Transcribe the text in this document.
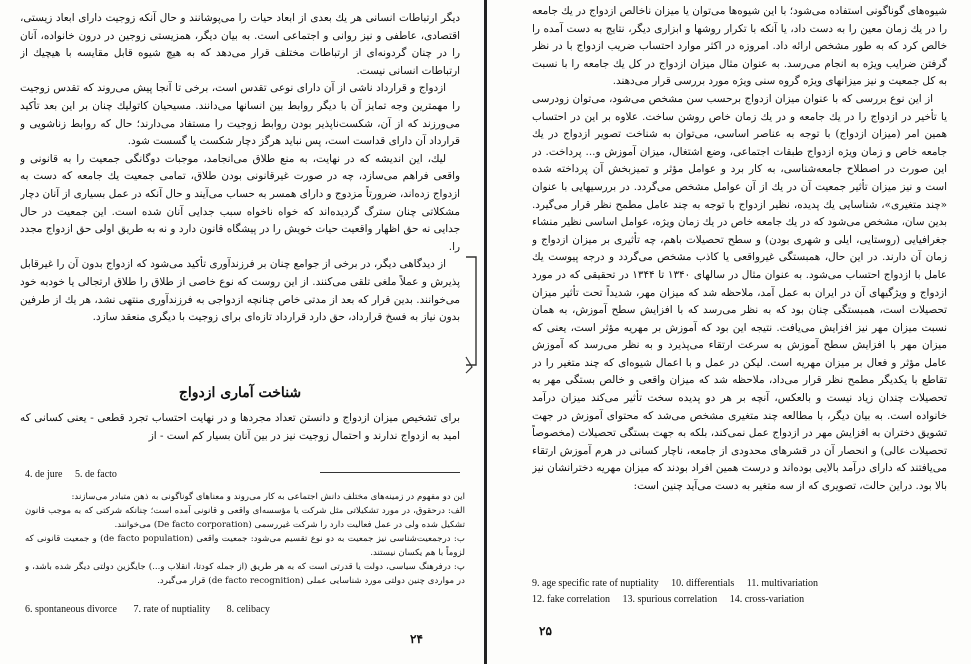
دیگر ارتباطات انسانی هر یك بعدی از ابعاد حیات را می‌پوشانند و حال آنكه زوجیت دارای ابعاد زیستی، اقتصادی، عاطفی و نیز روانی و اجتماعی است. به بیان دیگر، همزیستی زوجین در درون خانواده، آنان را در چنان گردونه‌ای از ارتباطات مختلف قرار می‌دهد كه به هیچ شیوه قابل مقایسه با هیچیك از ارتباطات انسانی نیست.

ازدواج و قرارداد ناشی از آن دارای نوعی تقدس است، برخی تا آنجا پیش می‌روند كه تقدس زوجیت را مهمترین وجه تمایز آن با دیگر روابط بین انسانها می‌دانند. مسیحیان كاتولیك چنان بر این بعد تأكید می‌ورزند كه از آن، شكست‌ناپذیر بودن روابط زوجیت را مستفاد می‌دارند؛ حال كه روابط زناشویی و قرارداد آن دارای قداست است، پس نباید هرگز دچار شكست یا گسست شود.

لیك، این اندیشه كه در نهایت، به منع طلاق می‌انجامد، موجبات دوگانگی جمعیت را به قانونی و واقعی فراهم می‌سازد، چه در صورت غیرقانونی بودن طلاق، تمامی جمعیت یك جامعه كه دست به ازدواج زده‌اند، ضرورتاً مزدوج و دارای همسر به حساب می‌آیند و حال آنكه در عمل بسیاری از آنان دچار مشكلاتی چنان سترگ گردیده‌اند كه خواه ناخواه سبب جدایی آنان شده است. این جمعیت در حال جدایی نه حق اظهار واقعیت حیات خویش را در پیشگاه قانون دارد و نه به طریق اولی حق ازدواج مجدد را.

از دیدگاهی دیگر، در برخی از جوامع چنان بر فرزندآوری تأكید می‌شود كه ازدواج بدون آن را غیرقابل پذیرش و عملاً ملغی تلقی می‌كنند. از این روست كه نوع خاصی از طلاق را طلاق ارتجالی یا خودبه خود می‌خوانند. بدین قرار كه بعد از مدتی خاص چنانچه ازدواجی به فرزندآوری منتهی نشد، هر یك از طرفین بدون نیاز به فسخ قرارداد، حق دارد قرارداد تازه‌ای برای زوجیت با دیگری منعقد سازد.

شناخت آماری ازدواج
برای تشخیص میزان ازدواج و دانستن تعداد مجردها و در نهایت احتساب تجرد قطعی - یعنی كسانی كه امید به ازدواج ندارند و احتمال زوجیت نیز در بین آنان بسیار كم است - از
4. de jure 5. de facto

این دو مفهوم در زمینه‌های مختلف دانش اجتماعی به كار می‌روند و معناهای گوناگونی به ذهن متبادر می‌سازند:

الف: درحقوق، در مورد تشکیلاتی مثل شرکت یا مؤسسه‌ای واقعی و قانونی آمده است؛ چنانكه شركتی كه به موجب قانون تشکیل شده ولی در عمل فعالیت دارد را شرکت غیررسمی (De facto corporation) می‌خوانند.

ب: درجمعیت‌شناسی نیز جمعیت به دو نوع تقسیم می‌شود: جمعیت واقعی (de facto population) و جمعیت قانونی كه لزوماً با هم یكسان نیستند.

پ: درفرهنگ سیاسی، دولت یا قدرتی است كه به هر طریق (از جمله كودتا، انقلاب و...) جایگزین دولتی دیگر شده باشد، و در مواردی چنین دولتی مورد شناسایی عملی (de facto recognition) قرار می‌گیرد.

6. spontaneous divorce 7. rate of nuptiality 8. celibacy
۲۴

شیوه‌های گوناگونی استفاده می‌شود؛ با این شیوه‌ها می‌توان یا میزان ناخالص ازدواج در یك جامعه را در یك زمان معین را به دست داد، یا آنكه با تكرار روشها و ابزاری دیگر، نتایج به دست آمده را خالص كرد كه به طور مشخص ارائه داد. امروزه در اكثر موارد احتساب ضریب ازدواج با در نظر گرفتن ضرایب ویژه به انجام می‌رسد. به عنوان مثال میزان ازدواج در كل یك جامعه را با نسبت به كل جمعیت و نیز میزانهای ویژه گروه سنی ویژه مورد بررسی قرار می‌دهند.

از این نوع بررسی كه با عنوان میزان ازدواج برحسب سن مشخص می‌شود، می‌توان زودرسی یا تأخیر در ازدواج را در یك جامعه و در یك زمان خاص روشن ساخت. علاوه بر این در احتساب همین امر (میزان ازدواج) با توجه به عناصر اساسی، می‌توان به شناخت تصویر ازدواج در یك جامعه خاص و زمان ویژه ازدواج طبقات اجتماعی، وضع اشتغال، میزان آموزش و... پرداخت. در این صورت در اصطلاح جامعه‌شناسی، به كار برد و عوامل مؤثر و تمیزبخش آن پرداخته شده است و نیز میزان تأثیر جمعیت آن در یك از آن عوامل مشخص می‌گردد. در بررسیهایی با عنوان «چند متغیری»، شناسایی یك پدیده، نظیر ازدواج با توجه به چند عامل مطمح نظر قرار می‌گیرد. بدین سان، مشخص می‌شود كه در یك جامعه خاص در یك زمان ویژه، عوامل اساسی نظیر منشاء جغرافیایی (روستایی، ایلی و شهری بودن) و سطح تحصیلات باهم، چه تأثیری بر میزان ازدواج و زمان آن دارند. در این حال، همبستگی غیرواقعی یا كاذب مشخص می‌گردد و درجه پیوست یك عامل با ازدواج احتساب می‌شود. به عنوان مثال در سالهای ۱۳۴۰ تا ۱۳۴۴ در تحقیقی كه در مورد ازدواج و ویژگیهای آن در ایران به عمل آمد، ملاحظه شد كه میزان مهر، شدیداً تحت تأثیر میزان تحصیلات است، همبستگی چنان بود كه به نظر می‌رسد كه با افزایش سطح آموزش، به همان نسبت میزان مهر نیز افزایش می‌یافت. نتیجه این بود كه آموزش بر مهریه مؤثر است، یعنی كه میزان مهر با افزایش سطح آموزش به سرعت ارتقاء می‌پذیرد و به نظر می‌رسد كه آموزش عامل مؤثر و فعال بر میزان مهریه است. لیكن در عمل و با اعمال شیوه‌ای كه چند متغیر را در تقاطع با یكدیگر مطمح نظر قرار می‌داد، ملاحظه شد كه میزان واقعی و خالص بستگی مهر به تحصیلات چندان زیاد نیست و بالعكس، آنچه بر هر دو پدیده سخت تأثیر می‌كند میزان درآمد خانواده است. به بیان دیگر، با مطالعه چند متغیری مشخص می‌شد كه محتوای آموزش در جهت تشویق دختران به افزایش مهر در ازدواج عمل نمی‌كند، بلكه به جهت بستگی تحصیلات (مخصوصاً تحصیلات عالی) و انحصار آن در قشرهای محدودی از جامعه، ناچار كسانی در هرم آموزش ارتقاء می‌یافتند كه دارای درآمد بالایی بوده‌اند و درست همین افراد بودند كه میزان مهریه دخترانشان نیز بالا بود. دراین حالت، تصویری كه از سه متغیر به دست می‌آید چنین است:

9. age specific rate of nuptiality 10. differentials 11. multivariation
12. fake correlation 13. spurious correlation 14. cross-variation
۲۵
